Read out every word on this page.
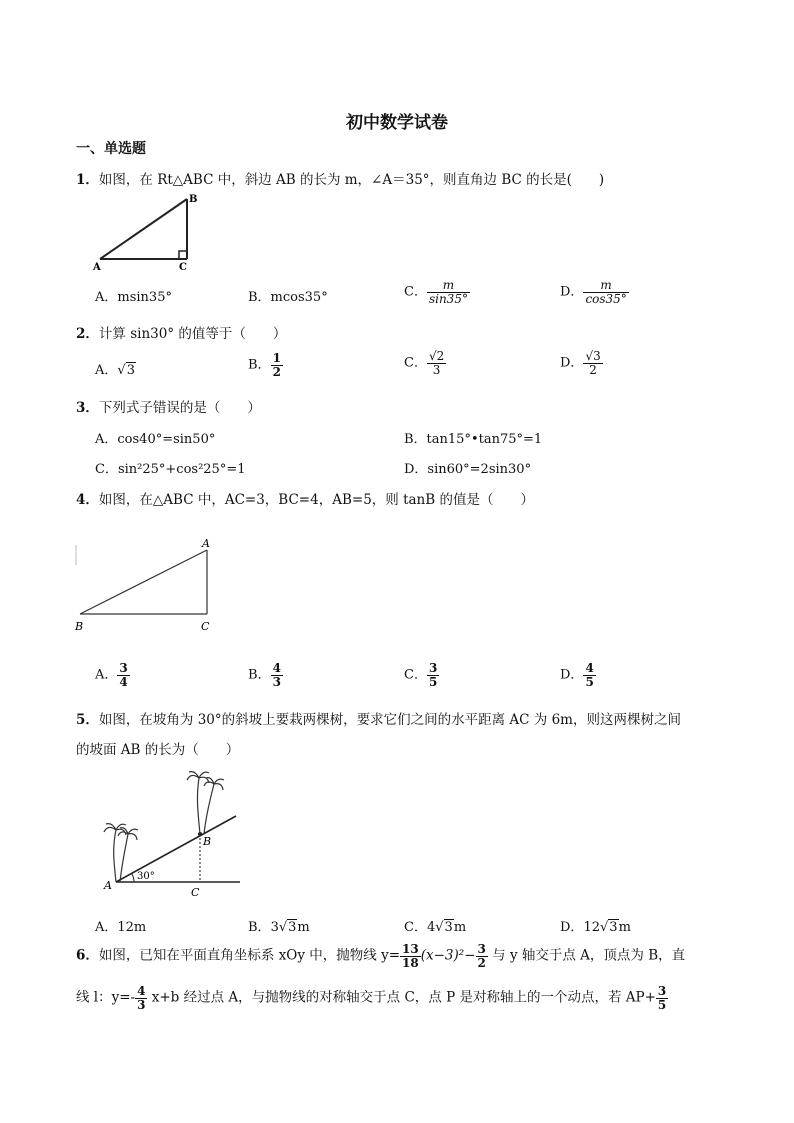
初中数学试卷
一、单选题
1．如图，在 Rt△ABC 中，斜边 AB 的长为 m，∠A＝35°，则直角边 BC 的长是(　　)
A
B
C
A．msin35°	B．mcos35°	C． $\frac{m}{\sin 35^\circ}$	D． $\frac{m}{\cos 35^\circ}$
2．计算 sin30° 的值等于（　　）
A．√3	B． $\frac{1}{2}$	C． $\frac{√2}{3}$	D． $\frac{√3}{2}$
3．下列式子错误的是（　　）
A．cos40°=sin50°	B．tan15°•tan75°=1
C．sin²25°+cos²25°=1	D．sin60°=2sin30°
4．如图，在△ABC 中，AC=3，BC=4，AB=5，则 tanB 的值是（　　）
A
B	C
A． $\frac{3}{4}$	B． $\frac{4}{3}$	C． $\frac{3}{5}$	D． $\frac{4}{5}$
5．如图，在坡角为 30°的斜坡上要栽两棵树，要求它们之间的水平距离 AC 为 6m，则这两棵树之间
的坡面 AB 的长为（　　）
A
B
C
30°
A．12m	B．3√3m	C．4√3m	D．12√3m
6．如图，已知在平面直角坐标系 xOy 中，抛物线 $y= \frac{13}{18} (x-3)^2- \frac{3}{2}$ 与 y 轴交于点 A，顶点为 B，直
线 l：$y=- \frac{4}{3} x+b$ 经过点 A，与抛物线的对称轴交于点 C，点 P 是对称轴上的一个动点，若 $AP+ \frac{3}{5}$
